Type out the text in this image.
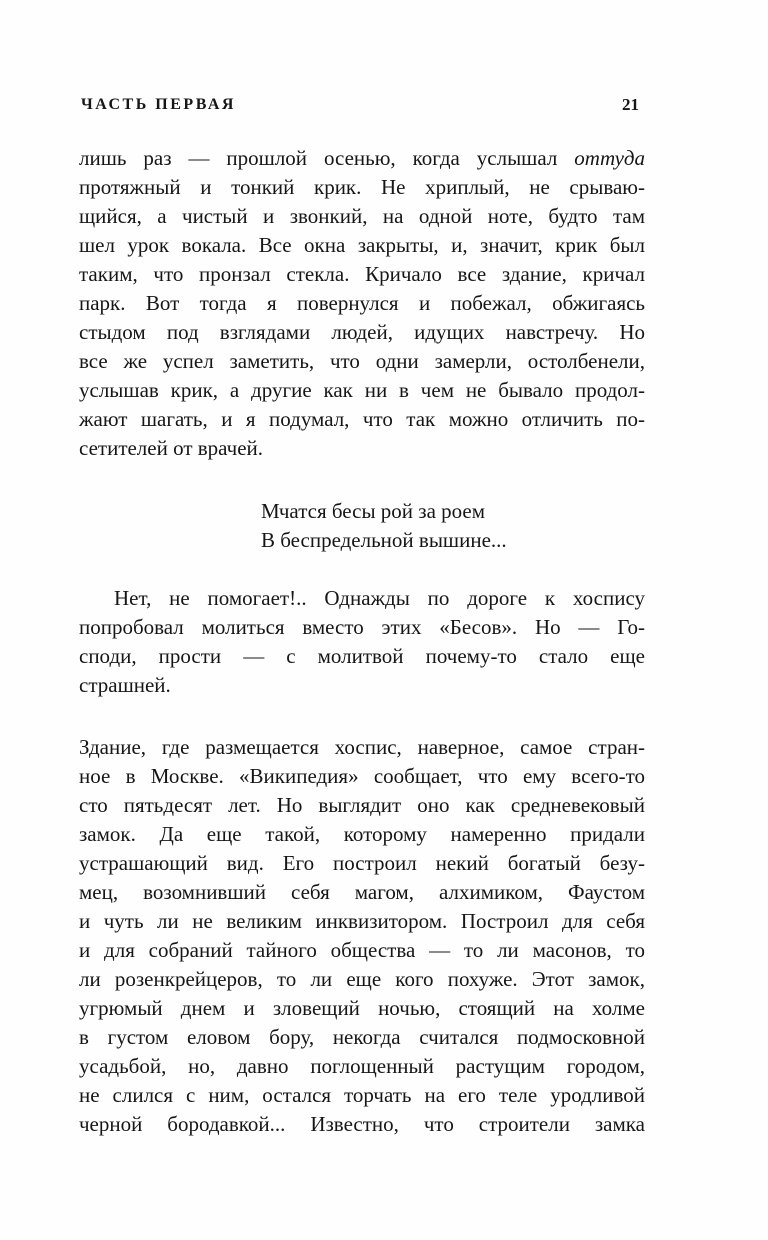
ЧАСТЬ ПЕРВАЯ	21
лишь раз — прошлой осенью, когда услышал оттуда
протяжный и тонкий крик. Не хриплый, не срываю-
щийся, а чистый и звонкий, на одной ноте, будто там
шел урок вокала. Все окна закрыты, и, значит, крик был
таким, что пронзал стекла. Кричало все здание, кричал
парк. Вот тогда я повернулся и побежал, обжигаясь
стыдом под взглядами людей, идущих навстречу. Но
все же успел заметить, что одни замерли, остолбенели,
услышав крик, а другие как ни в чем не бывало продол-
жают шагать, и я подумал, что так можно отличить по-
сетителей от врачей.
Мчатся бесы рой за роем
В беспредельной вышине...
Нет, не помогает!.. Однажды по дороге к хоспису
попробовал молиться вместо этих «Бесов». Но — Го-
споди, прости — с молитвой почему-то стало еще
страшней.
Здание, где размещается хоспис, наверное, самое стран-
ное в Москве. «Википедия» сообщает, что ему всего-то
сто пятьдесят лет. Но выглядит оно как средневековый
замок. Да еще такой, которому намеренно придали
устрашающий вид. Его построил некий богатый безу-
мец, возомнивший себя магом, алхимиком, Фаустом
и чуть ли не великим инквизитором. Построил для себя
и для собраний тайного общества — то ли масонов, то
ли розенкрейцеров, то ли еще кого похуже. Этот замок,
угрюмый днем и зловещий ночью, стоящий на холме
в густом еловом бору, некогда считался подмосковной
усадьбой, но, давно поглощенный растущим городом,
не слился с ним, остался торчать на его теле уродливой
черной бородавкой... Известно, что строители замка
